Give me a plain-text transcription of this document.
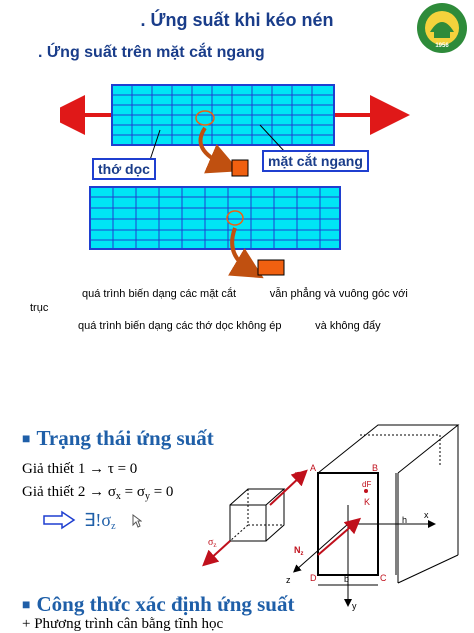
. Ứng suất khi kéo nén
. Ứng suất trên mặt cắt ngang	1956
thớ dọc	mặt cắt ngang
quá trình biến dạng các mặt cắt           vẫn phẳng và vuông góc với
trục
quá trình biến dạng các thớ dọc không ép           và không đẩy
■ Trạng thái ứng suất
Giả thiết 1 → τ = 0
Giả thiết $2 \to \sigma_x = \sigma_y = 0$
∃!σz
A	B
C
D
dF
K
h
b
x
y
z
$\sigma_z$
$\sigma_z$	$N_z$
■ Công thức xác định ứng suất
+ Phương trình cân bằng tĩnh học
